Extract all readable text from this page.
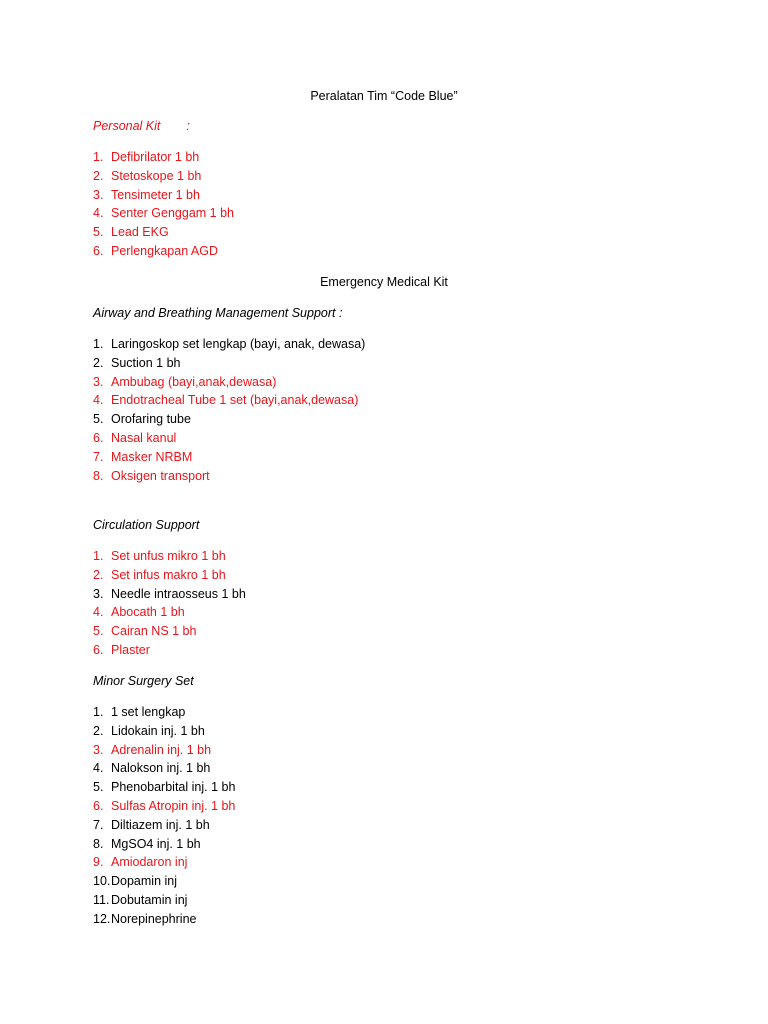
Peralatan Tim “Code Blue”
Personal Kit :
1. Defibrilator 1 bh
2. Stetoskope 1 bh
3. Tensimeter 1 bh
4. Senter Genggam 1 bh
5. Lead EKG
6. Perlengkapan AGD
Emergency Medical Kit
Airway and Breathing Management Support :
1. Laringoskop set lengkap (bayi, anak, dewasa)
2. Suction 1 bh
3. Ambubag (bayi,anak,dewasa)
4. Endotracheal Tube 1 set (bayi,anak,dewasa)
5. Orofaring tube
6. Nasal kanul
7. Masker NRBM
8. Oksigen transport
Circulation Support
1. Set unfus mikro 1 bh
2. Set infus makro 1 bh
3. Needle intraosseus 1 bh
4. Abocath 1 bh
5. Cairan NS 1 bh
6. Plaster
Minor Surgery Set
1. 1 set lengkap
2. Lidokain inj. 1 bh
3. Adrenalin inj. 1 bh
4. Nalokson inj. 1 bh
5. Phenobarbital inj. 1 bh
6. Sulfas Atropin inj. 1 bh
7. Diltiazem inj. 1 bh
8. MgSO4 inj. 1 bh
9. Amiodaron inj
10.Dopamin inj
11. Dobutamin inj
12.Norepinephrine
